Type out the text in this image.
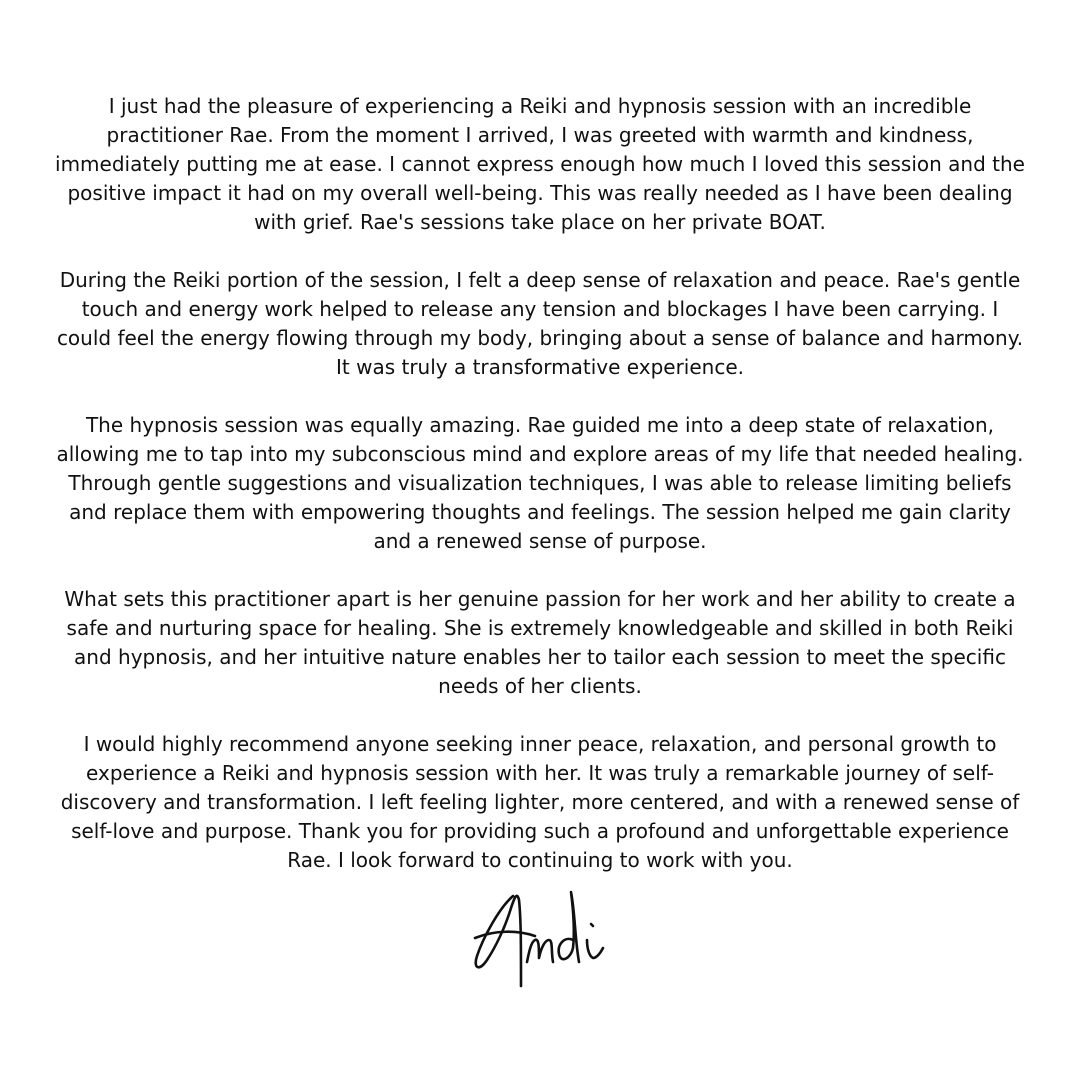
I just had the pleasure of experiencing a Reiki and hypnosis session with an incredible practitioner Rae. From the moment I arrived, I was greeted with warmth and kindness, immediately putting me at ease. I cannot express enough how much I loved this session and the positive impact it had on my overall well-being. This was really needed as I have been dealing with grief. Rae's sessions take place on her private BOAT.

During the Reiki portion of the session, I felt a deep sense of relaxation and peace. Rae's gentle touch and energy work helped to release any tension and blockages I have been carrying. I could feel the energy flowing through my body, bringing about a sense of balance and harmony. It was truly a transformative experience.

The hypnosis session was equally amazing. Rae guided me into a deep state of relaxation, allowing me to tap into my subconscious mind and explore areas of my life that needed healing. Through gentle suggestions and visualization techniques, I was able to release limiting beliefs and replace them with empowering thoughts and feelings. The session helped me gain clarity and a renewed sense of purpose.

What sets this practitioner apart is her genuine passion for her work and her ability to create a safe and nurturing space for healing. She is extremely knowledgeable and skilled in both Reiki and hypnosis, and her intuitive nature enables her to tailor each session to meet the specific needs of her clients.

I would highly recommend anyone seeking inner peace, relaxation, and personal growth to experience a Reiki and hypnosis session with her. It was truly a remarkable journey of self-discovery and transformation. I left feeling lighter, more centered, and with a renewed sense of self-love and purpose. Thank you for providing such a profound and unforgettable experience Rae. I look forward to continuing to work with you.
